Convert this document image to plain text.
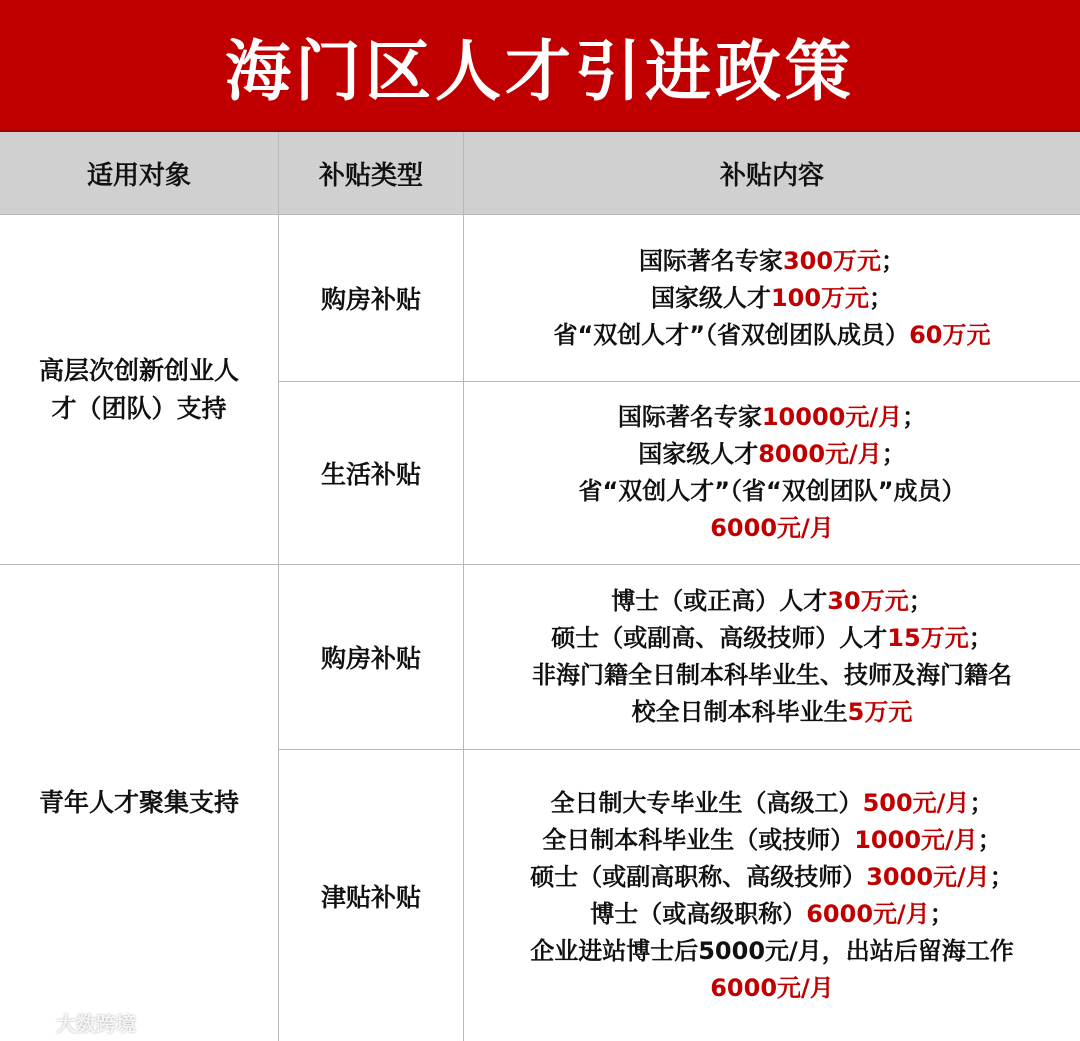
海门区人才引进政策
适用对象	补贴类型	补贴内容
高层次创新创业人
才（团队）支持
购房补贴
国际著名专家300万元；
国家级人才100万元；
省“双创人才”（省双创团队成员）60万元
生活补贴
国际著名专家10000元/月；
国家级人才8000元/月；
省“双创人才”（省“双创团队”成员）
6000元/月
青年人才聚集支持
购房补贴
博士（或正高）人才30万元；
硕士（或副高、高级技师）人才15万元；
非海门籍全日制本科毕业生、技师及海门籍名
校全日制本科毕业生5万元
津贴补贴
全日制大专毕业生（高级工）500元/月；
全日制本科毕业生（或技师）1000元/月；
硕士（或副高职称、高级技师）3000元/月；
博士（或高级职称）6000元/月；
企业进站博士后5000元/月，出站后留海工作
6000元/月
大数跨境
